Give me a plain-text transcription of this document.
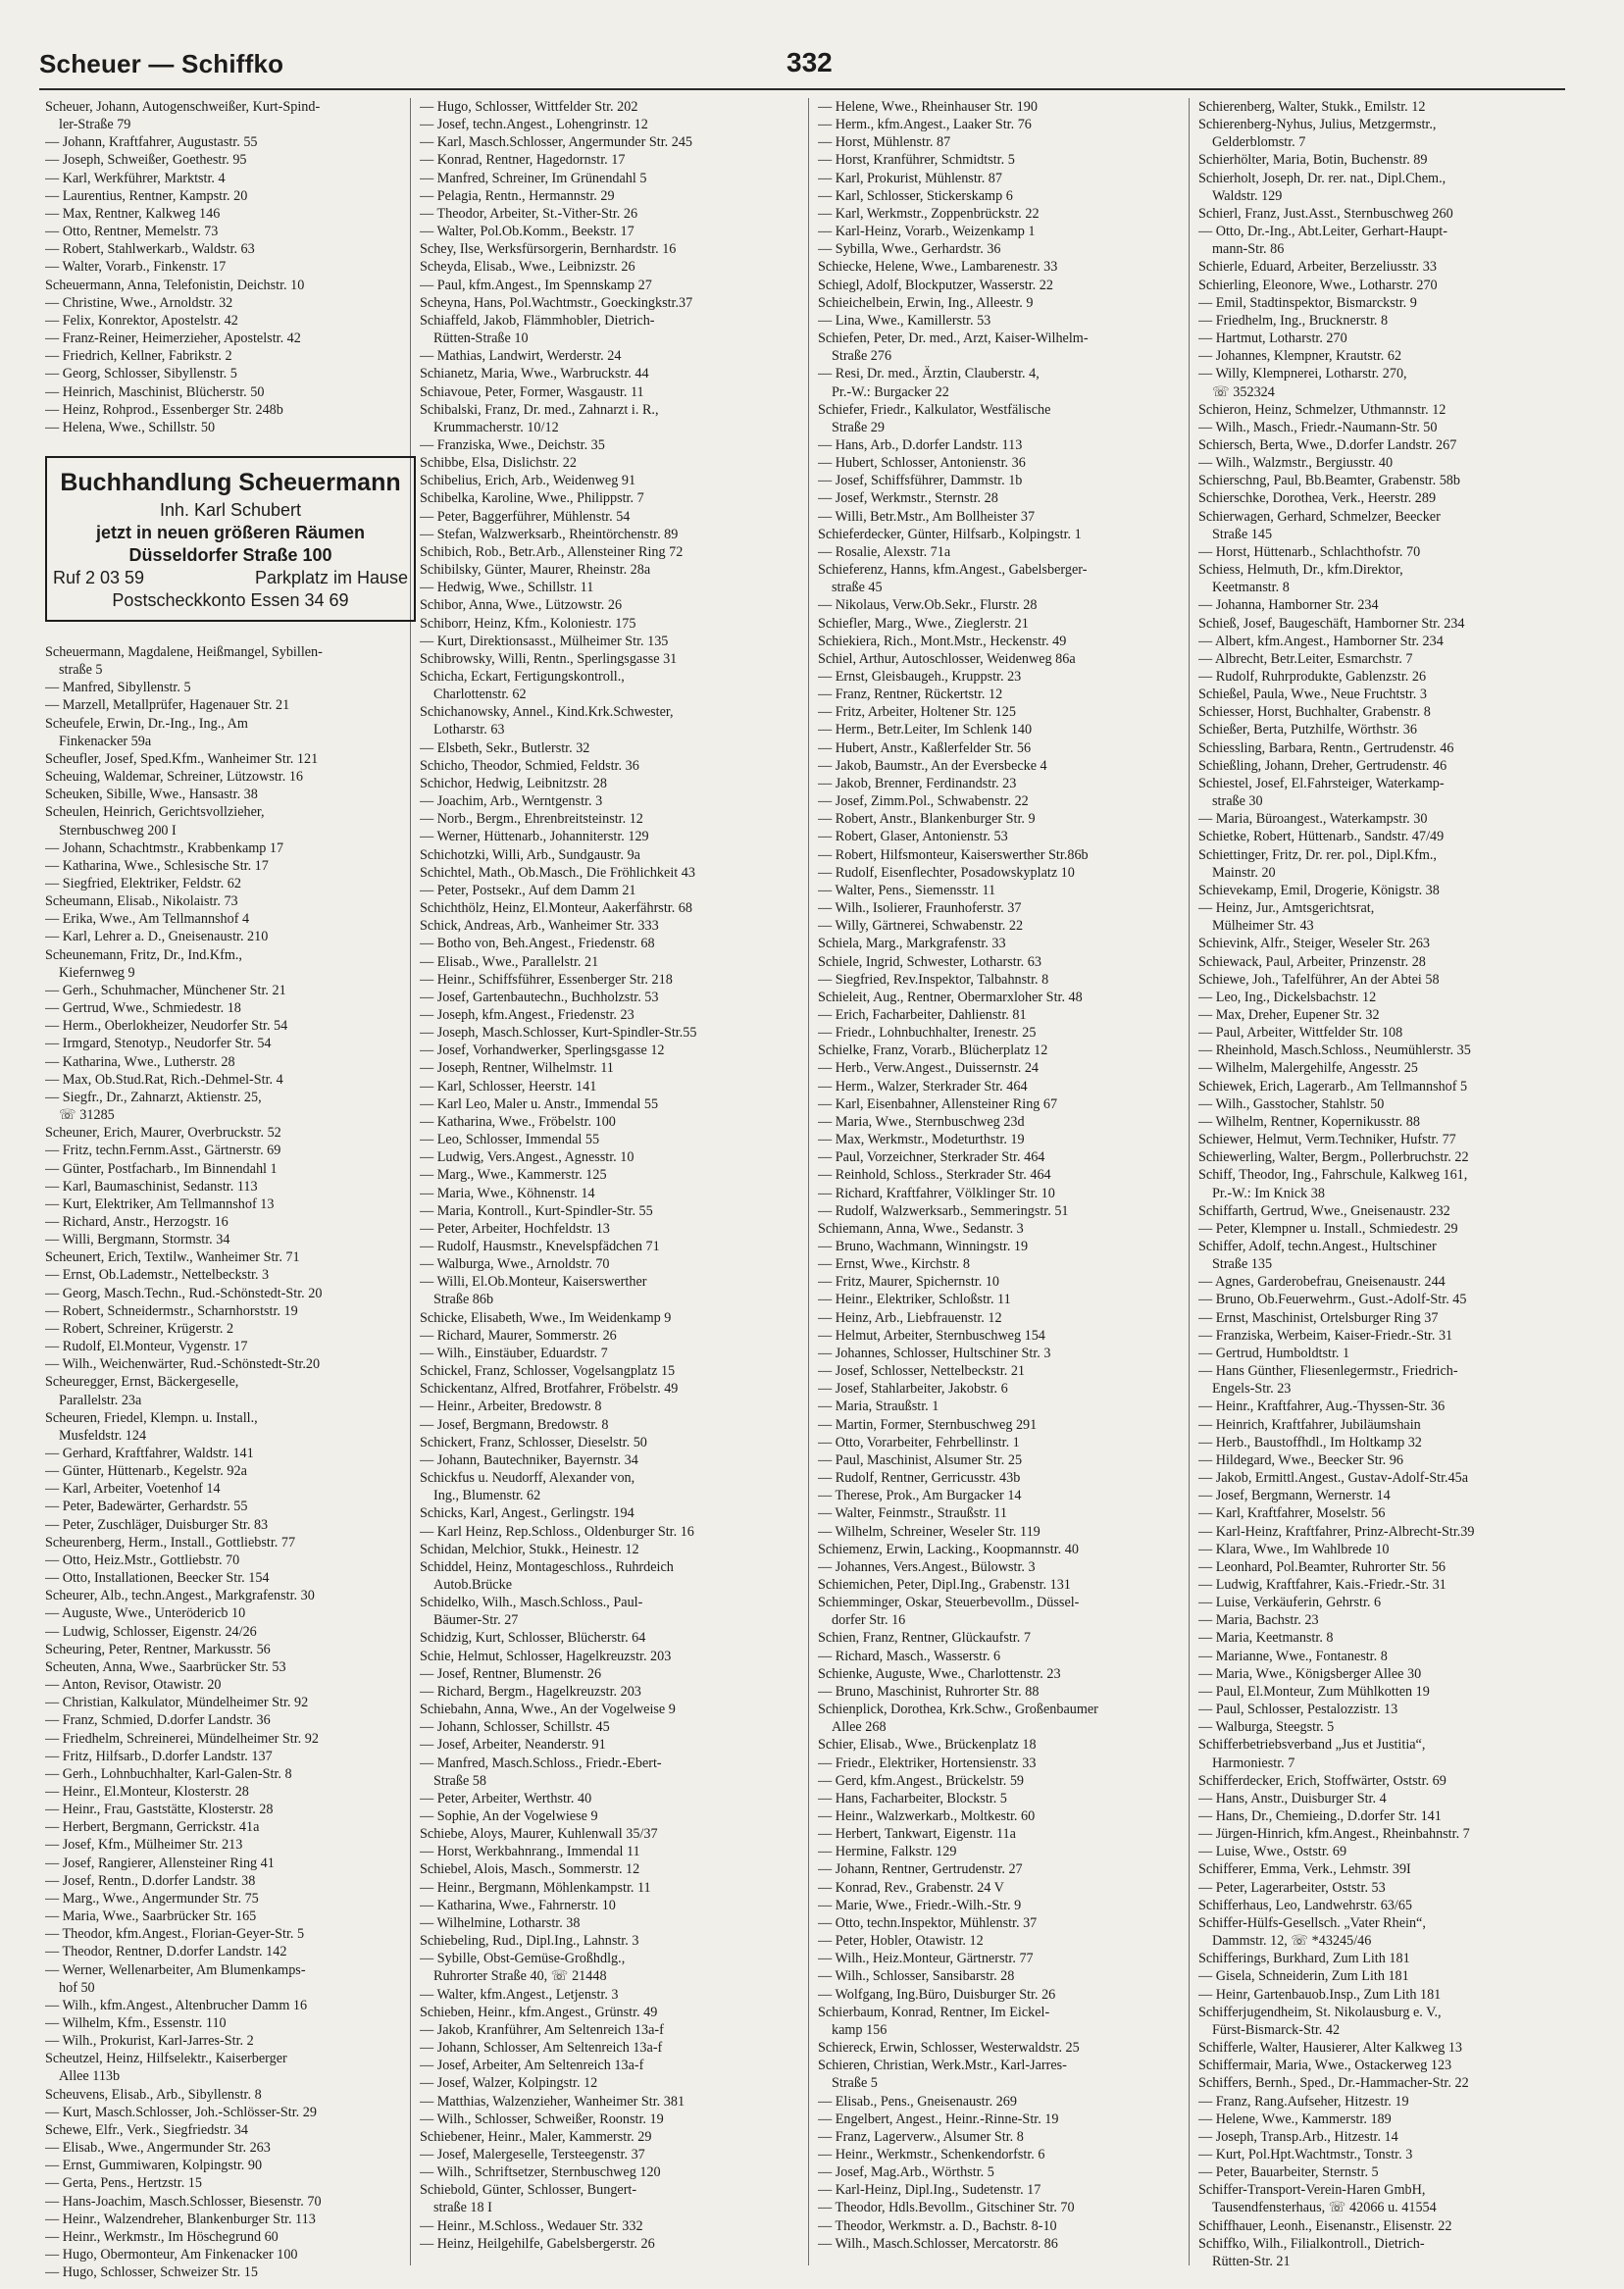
Scheuer — Schiffko	332
Scheuer, Johann, Autogenschweißer, Kurt-Spind-
ler-Straße 79
— Johann, Kraftfahrer, Augustastr. 55
— Joseph, Schweißer, Goethestr. 95
— Karl, Werkführer, Marktstr. 4
— Laurentius, Rentner, Kampstr. 20
— Max, Rentner, Kalkweg 146
— Otto, Rentner, Memelstr. 73
— Robert, Stahlwerkarb., Waldstr. 63
— Walter, Vorarb., Finkenstr. 17
Scheuermann, Anna, Telefonistin, Deichstr. 10
— Christine, Wwe., Arnoldstr. 32
— Felix, Konrektor, Apostelstr. 42
— Franz-Reiner, Heimerzieher, Apostelstr. 42
— Friedrich, Kellner, Fabrikstr. 2
— Georg, Schlosser, Sibyllenstr. 5
— Heinrich, Maschinist, Blücherstr. 50
— Heinz, Rohprod., Essenberger Str. 248b
— Helena, Wwe., Schillstr. 50
Buchhandlung Scheuermann
Inh. Karl Schubert
jetzt in neuen größeren Räumen
Düsseldorfer Straße 100
Ruf 2 03 59	Parkplatz im Hause
Postscheckkonto Essen 34 69
Scheuermann, Magdalene, Heißmangel, Sybillen-
straße 5
— Manfred, Sibyllenstr. 5
— Marzell, Metallprüfer, Hagenauer Str. 21
Scheufele, Erwin, Dr.-Ing., Ing., Am
Finkenacker 59a
Scheufler, Josef, Sped.Kfm., Wanheimer Str. 121
Scheuing, Waldemar, Schreiner, Lützowstr. 16
Scheuken, Sibille, Wwe., Hansastr. 38
Scheulen, Heinrich, Gerichtsvollzieher,
Sternbuschweg 200 I
— Johann, Schachtmstr., Krabbenkamp 17
— Katharina, Wwe., Schlesische Str. 17
— Siegfried, Elektriker, Feldstr. 62
Scheumann, Elisab., Nikolaistr. 73
— Erika, Wwe., Am Tellmannshof 4
— Karl, Lehrer a. D., Gneisenaustr. 210
Scheunemann, Fritz, Dr., Ind.Kfm.,
Kiefernweg 9
— Gerh., Schuhmacher, Münchener Str. 21
— Gertrud, Wwe., Schmiedestr. 18
— Herm., Oberlokheizer, Neudorfer Str. 54
— Irmgard, Stenotyp., Neudorfer Str. 54
— Katharina, Wwe., Lutherstr. 28
— Max, Ob.Stud.Rat, Rich.-Dehmel-Str. 4
— Siegfr., Dr., Zahnarzt, Aktienstr. 25,
☏ 31285
Scheuner, Erich, Maurer, Overbruckstr. 52
— Fritz, techn.Fernm.Asst., Gärtnerstr. 69
— Günter, Postfacharb., Im Binnendahl 1
— Karl, Baumaschinist, Sedanstr. 113
— Kurt, Elektriker, Am Tellmannshof 13
— Richard, Anstr., Herzogstr. 16
— Willi, Bergmann, Stormstr. 34
Scheunert, Erich, Textilw., Wanheimer Str. 71
— Ernst, Ob.Lademstr., Nettelbeckstr. 3
— Georg, Masch.Techn., Rud.-Schönstedt-Str. 20
— Robert, Schneidermstr., Scharnhorststr. 19
— Robert, Schreiner, Krügerstr. 2
— Rudolf, El.Monteur, Vygenstr. 17
— Wilh., Weichenwärter, Rud.-Schönstedt-Str.20
Scheuregger, Ernst, Bäckergeselle,
Parallelstr. 23a
Scheuren, Friedel, Klempn. u. Install.,
Musfeldstr. 124
— Gerhard, Kraftfahrer, Waldstr. 141
— Günter, Hüttenarb., Kegelstr. 92a
— Karl, Arbeiter, Voetenhof 14
— Peter, Badewärter, Gerhardstr. 55
— Peter, Zuschläger, Duisburger Str. 83
Scheurenberg, Herm., Install., Gottliebstr. 77
— Otto, Heiz.Mstr., Gottliebstr. 70
— Otto, Installationen, Beecker Str. 154
Scheurer, Alb., techn.Angest., Markgrafenstr. 30
— Auguste, Wwe., Unterödericb 10
— Ludwig, Schlosser, Eigenstr. 24/26
Scheuring, Peter, Rentner, Markusstr. 56
Scheuten, Anna, Wwe., Saarbrücker Str. 53
— Anton, Revisor, Otawistr. 20
— Christian, Kalkulator, Mündelheimer Str. 92
— Franz, Schmied, D.dorfer Landstr. 36
— Friedhelm, Schreinerei, Mündelheimer Str. 92
— Fritz, Hilfsarb., D.dorfer Landstr. 137
— Gerh., Lohnbuchhalter, Karl-Galen-Str. 8
— Heinr., El.Monteur, Klosterstr. 28
— Heinr., Frau, Gaststätte, Klosterstr. 28
— Herbert, Bergmann, Gerrickstr. 41a
— Josef, Kfm., Mülheimer Str. 213
— Josef, Rangierer, Allensteiner Ring 41
— Josef, Rentn., D.dorfer Landstr. 38
— Marg., Wwe., Angermunder Str. 75
— Maria, Wwe., Saarbrücker Str. 165
— Theodor, kfm.Angest., Florian-Geyer-Str. 5
— Theodor, Rentner, D.dorfer Landstr. 142
— Werner, Wellenarbeiter, Am Blumenkamps-
hof 50
— Wilh., kfm.Angest., Altenbrucher Damm 16
— Wilhelm, Kfm., Essenstr. 110
— Wilh., Prokurist, Karl-Jarres-Str. 2
Scheutzel, Heinz, Hilfselektr., Kaiserberger
Allee 113b
Scheuvens, Elisab., Arb., Sibyllenstr. 8
— Kurt, Masch.Schlosser, Joh.-Schlösser-Str. 29
Schewe, Elfr., Verk., Siegfriedstr. 34
— Elisab., Wwe., Angermunder Str. 263
— Ernst, Gummiwaren, Kolpingstr. 90
— Gerta, Pens., Hertzstr. 15
— Hans-Joachim, Masch.Schlosser, Biesenstr. 70
— Heinr., Walzendreher, Blankenburger Str. 113
— Heinr., Werkmstr., Im Höschegrund 60
— Hugo, Obermonteur, Am Finkenacker 100
— Hugo, Schlosser, Schweizer Str. 15
— Hugo, Schlosser, Wittfelder Str. 202
— Josef, techn.Angest., Lohengrinstr. 12
— Karl, Masch.Schlosser, Angermunder Str. 245
— Konrad, Rentner, Hagedornstr. 17
— Manfred, Schreiner, Im Grünendahl 5
— Pelagia, Rentn., Hermannstr. 29
— Theodor, Arbeiter, St.-Vither-Str. 26
— Walter, Pol.Ob.Komm., Beekstr. 17
Schey, Ilse, Werksfürsorgerin, Bernhardstr. 16
Scheyda, Elisab., Wwe., Leibnizstr. 26
— Paul, kfm.Angest., Im Spennskamp 27
Scheyna, Hans, Pol.Wachtmstr., Goeckingkstr.37
Schiaffeld, Jakob, Flämmhobler, Dietrich-
Rütten-Straße 10
— Mathias, Landwirt, Werderstr. 24
Schianetz, Maria, Wwe., Warbruckstr. 44
Schiavoue, Peter, Former, Wasgaustr. 11
Schibalski, Franz, Dr. med., Zahnarzt i. R.,
Krummacherstr. 10/12
— Franziska, Wwe., Deichstr. 35
Schibbe, Elsa, Dislichstr. 22
Schibelius, Erich, Arb., Weidenweg 91
Schibelka, Karoline, Wwe., Philippstr. 7
— Peter, Baggerführer, Mühlenstr. 54
— Stefan, Walzwerksarb., Rheintörchenstr. 89
Schibich, Rob., Betr.Arb., Allensteiner Ring 72
Schibilsky, Günter, Maurer, Rheinstr. 28a
— Hedwig, Wwe., Schillstr. 11
Schibor, Anna, Wwe., Lützowstr. 26
Schiborr, Heinz, Kfm., Koloniestr. 175
— Kurt, Direktionsasst., Mülheimer Str. 135
Schibrowsky, Willi, Rentn., Sperlingsgasse 31
Schicha, Eckart, Fertigungskontroll.,
Charlottenstr. 62
Schichanowsky, Annel., Kind.Krk.Schwester,
Lotharstr. 63
— Elsbeth, Sekr., Butlerstr. 32
Schicho, Theodor, Schmied, Feldstr. 36
Schichor, Hedwig, Leibnitzstr. 28
— Joachim, Arb., Werntgenstr. 3
— Norb., Bergm., Ehrenbreitsteinstr. 12
— Werner, Hüttenarb., Johanniterstr. 129
Schichotzki, Willi, Arb., Sundgaustr. 9a
Schichtel, Math., Ob.Masch., Die Fröhlichkeit 43
— Peter, Postsekr., Auf dem Damm 21
Schichthölz, Heinz, El.Monteur, Aakerfährstr. 68
Schick, Andreas, Arb., Wanheimer Str. 333
— Botho von, Beh.Angest., Friedenstr. 68
— Elisab., Wwe., Parallelstr. 21
— Heinr., Schiffsführer, Essenberger Str. 218
— Josef, Gartenbautechn., Buchholzstr. 53
— Joseph, kfm.Angest., Friedenstr. 23
— Joseph, Masch.Schlosser, Kurt-Spindler-Str.55
— Josef, Vorhandwerker, Sperlingsgasse 12
— Joseph, Rentner, Wilhelmstr. 11
— Karl, Schlosser, Heerstr. 141
— Karl Leo, Maler u. Anstr., Immendal 55
— Katharina, Wwe., Fröbelstr. 100
— Leo, Schlosser, Immendal 55
— Ludwig, Vers.Angest., Agnesstr. 10
— Marg., Wwe., Kammerstr. 125
— Maria, Wwe., Köhnenstr. 14
— Maria, Kontroll., Kurt-Spindler-Str. 55
— Peter, Arbeiter, Hochfeldstr. 13
— Rudolf, Hausmstr., Knevelspfädchen 71
— Walburga, Wwe., Arnoldstr. 70
— Willi, El.Ob.Monteur, Kaiserswerther
Straße 86b
Schicke, Elisabeth, Wwe., Im Weidenkamp 9
— Richard, Maurer, Sommerstr. 26
— Wilh., Einstäuber, Eduardstr. 7
Schickel, Franz, Schlosser, Vogelsangplatz 15
Schickentanz, Alfred, Brotfahrer, Fröbelstr. 49
— Heinr., Arbeiter, Bredowstr. 8
— Josef, Bergmann, Bredowstr. 8
Schickert, Franz, Schlosser, Dieselstr. 50
— Johann, Bautechniker, Bayernstr. 34
Schickfus u. Neudorff, Alexander von,
Ing., Blumenstr. 62
Schicks, Karl, Angest., Gerlingstr. 194
— Karl Heinz, Rep.Schloss., Oldenburger Str. 16
Schidan, Melchior, Stukk., Heinestr. 12
Schiddel, Heinz, Montageschloss., Ruhrdeich
Autob.Brücke
Schidelko, Wilh., Masch.Schloss., Paul-
Bäumer-Str. 27
Schidzig, Kurt, Schlosser, Blücherstr. 64
Schie, Helmut, Schlosser, Hagelkreuzstr. 203
— Josef, Rentner, Blumenstr. 26
— Richard, Bergm., Hagelkreuzstr. 203
Schiebahn, Anna, Wwe., An der Vogelweise 9
— Johann, Schlosser, Schillstr. 45
— Josef, Arbeiter, Neanderstr. 91
— Manfred, Masch.Schloss., Friedr.-Ebert-
Straße 58
— Peter, Arbeiter, Werthstr. 40
— Sophie, An der Vogelwiese 9
Schiebe, Aloys, Maurer, Kuhlenwall 35/37
— Horst, Werkbahnrang., Immendal 11
Schiebel, Alois, Masch., Sommerstr. 12
— Heinr., Bergmann, Möhlenkampstr. 11
— Katharina, Wwe., Fahrnerstr. 10
— Wilhelmine, Lotharstr. 38
Schiebeling, Rud., Dipl.Ing., Lahnstr. 3
— Sybille, Obst-Gemüse-Großhdlg.,
Ruhrorter Straße 40, ☏ 21448
— Walter, kfm.Angest., Letjenstr. 3
Schieben, Heinr., kfm.Angest., Grünstr. 49
— Jakob, Kranführer, Am Seltenreich 13a-f
— Johann, Schlosser, Am Seltenreich 13a-f
— Josef, Arbeiter, Am Seltenreich 13a-f
— Josef, Walzer, Kolpingstr. 12
— Matthias, Walzenzieher, Wanheimer Str. 381
— Wilh., Schlosser, Schweißer, Roonstr. 19
Schiebener, Heinr., Maler, Kammerstr. 29
— Josef, Malergeselle, Tersteegenstr. 37
— Wilh., Schriftsetzer, Sternbuschweg 120
Schiebold, Günter, Schlosser, Bungert-
straße 18 I
— Heinr., M.Schloss., Wedauer Str. 332
— Heinz, Heilgehilfe, Gabelsbergerstr. 26
— Helene, Wwe., Rheinhauser Str. 190
— Herm., kfm.Angest., Laaker Str. 76
— Horst, Mühlenstr. 87
— Horst, Kranführer, Schmidtstr. 5
— Karl, Prokurist, Mühlenstr. 87
— Karl, Schlosser, Stickerskamp 6
— Karl, Werkmstr., Zoppenbrückstr. 22
— Karl-Heinz, Vorarb., Weizenkamp 1
— Sybilla, Wwe., Gerhardstr. 36
Schiecke, Helene, Wwe., Lambarenestr. 33
Schiegl, Adolf, Blockputzer, Wasserstr. 22
Schieichelbein, Erwin, Ing., Alleestr. 9
— Lina, Wwe., Kamillerstr. 53
Schiefen, Peter, Dr. med., Arzt, Kaiser-Wilhelm-
Straße 276
— Resi, Dr. med., Ärztin, Clauberstr. 4,
Pr.-W.: Burgacker 22
Schiefer, Friedr., Kalkulator, Westfälische
Straße 29
— Hans, Arb., D.dorfer Landstr. 113
— Hubert, Schlosser, Antonienstr. 36
— Josef, Schiffsführer, Dammstr. 1b
— Josef, Werkmstr., Sternstr. 28
— Willi, Betr.Mstr., Am Bollheister 37
Schieferdecker, Günter, Hilfsarb., Kolpingstr. 1
— Rosalie, Alexstr. 71a
Schieferenz, Hanns, kfm.Angest., Gabelsberger-
straße 45
— Nikolaus, Verw.Ob.Sekr., Flurstr. 28
Schiefler, Marg., Wwe., Zieglerstr. 21
Schiekiera, Rich., Mont.Mstr., Heckenstr. 49
Schiel, Arthur, Autoschlosser, Weidenweg 86a
— Ernst, Gleisbaugeh., Kruppstr. 23
— Franz, Rentner, Rückertstr. 12
— Fritz, Arbeiter, Holtener Str. 125
— Herm., Betr.Leiter, Im Schlenk 140
— Hubert, Anstr., Kaßlerfelder Str. 56
— Jakob, Baumstr., An der Eversbecke 4
— Jakob, Brenner, Ferdinandstr. 23
— Josef, Zimm.Pol., Schwabenstr. 22
— Robert, Anstr., Blankenburger Str. 9
— Robert, Glaser, Antonienstr. 53
— Robert, Hilfsmonteur, Kaiserswerther Str.86b
— Rudolf, Eisenflechter, Posadowskyplatz 10
— Walter, Pens., Siemensstr. 11
— Wilh., Isolierer, Fraunhoferstr. 37
— Willy, Gärtnerei, Schwabenstr. 22
Schiela, Marg., Markgrafenstr. 33
Schiele, Ingrid, Schwester, Lotharstr. 63
— Siegfried, Rev.Inspektor, Talbahnstr. 8
Schieleit, Aug., Rentner, Obermarxloher Str. 48
— Erich, Facharbeiter, Dahlienstr. 81
— Friedr., Lohnbuchhalter, Irenestr. 25
Schielke, Franz, Vorarb., Blücherplatz 12
— Herb., Verw.Angest., Duissernstr. 24
— Herm., Walzer, Sterkrader Str. 464
— Karl, Eisenbahner, Allensteiner Ring 67
— Maria, Wwe., Sternbuschweg 23d
— Max, Werkmstr., Modeturthstr. 19
— Paul, Vorzeichner, Sterkrader Str. 464
— Reinhold, Schloss., Sterkrader Str. 464
— Richard, Kraftfahrer, Völklinger Str. 10
— Rudolf, Walzwerksarb., Semmeringstr. 51
Schiemann, Anna, Wwe., Sedanstr. 3
— Bruno, Wachmann, Winningstr. 19
— Ernst, Wwe., Kirchstr. 8
— Fritz, Maurer, Spichernstr. 10
— Heinr., Elektriker, Schloßstr. 11
— Heinz, Arb., Liebfrauenstr. 12
— Helmut, Arbeiter, Sternbuschweg 154
— Johannes, Schlosser, Hultschiner Str. 3
— Josef, Schlosser, Nettelbeckstr. 21
— Josef, Stahlarbeiter, Jakobstr. 6
— Maria, Straußstr. 1
— Martin, Former, Sternbuschweg 291
— Otto, Vorarbeiter, Fehrbellinstr. 1
— Paul, Maschinist, Alsumer Str. 25
— Rudolf, Rentner, Gerricusstr. 43b
— Therese, Prok., Am Burgacker 14
— Walter, Feinmstr., Straußstr. 11
— Wilhelm, Schreiner, Weseler Str. 119
Schiemenz, Erwin, Lacking., Koopmannstr. 40
— Johannes, Vers.Angest., Bülowstr. 3
Schiemichen, Peter, Dipl.Ing., Grabenstr. 131
Schiemminger, Oskar, Steuerbevollm., Düssel-
dorfer Str. 16
Schien, Franz, Rentner, Glückaufstr. 7
— Richard, Masch., Wasserstr. 6
Schienke, Auguste, Wwe., Charlottenstr. 23
— Bruno, Maschinist, Ruhrorter Str. 88
Schienplick, Dorothea, Krk.Schw., Großenbaumer
Allee 268
Schier, Elisab., Wwe., Brückenplatz 18
— Friedr., Elektriker, Hortensienstr. 33
— Gerd, kfm.Angest., Brückelstr. 59
— Hans, Facharbeiter, Blockstr. 5
— Heinr., Walzwerkarb., Moltkestr. 60
— Herbert, Tankwart, Eigenstr. 11a
— Hermine, Falkstr. 129
— Johann, Rentner, Gertrudenstr. 27
— Konrad, Rev., Grabenstr. 24 V
— Marie, Wwe., Friedr.-Wilh.-Str. 9
— Otto, techn.Inspektor, Mühlenstr. 37
— Peter, Hobler, Otawistr. 12
— Wilh., Heiz.Monteur, Gärtnerstr. 77
— Wilh., Schlosser, Sansibarstr. 28
— Wolfgang, Ing.Büro, Duisburger Str. 26
Schierbaum, Konrad, Rentner, Im Eickel-
kamp 156
Schiereck, Erwin, Schlosser, Westerwaldstr. 25
Schieren, Christian, Werk.Mstr., Karl-Jarres-
Straße 5
— Elisab., Pens., Gneisenaustr. 269
— Engelbert, Angest., Heinr.-Rinne-Str. 19
— Franz, Lagerverw., Alsumer Str. 8
— Heinr., Werkmstr., Schenkendorfstr. 6
— Josef, Mag.Arb., Wörthstr. 5
— Karl-Heinz, Dipl.Ing., Sudetenstr. 17
— Theodor, Hdls.Bevollm., Gitschiner Str. 70
— Theodor, Werkmstr. a. D., Bachstr. 8-10
— Wilh., Masch.Schlosser, Mercatorstr. 86
Schierenberg, Walter, Stukk., Emilstr. 12
Schierenberg-Nyhus, Julius, Metzgermstr.,
Gelderblomstr. 7
Schierhölter, Maria, Botin, Buchenstr. 89
Schierholt, Joseph, Dr. rer. nat., Dipl.Chem.,
Waldstr. 129
Schierl, Franz, Just.Asst., Sternbuschweg 260
— Otto, Dr.-Ing., Abt.Leiter, Gerhart-Haupt-
mann-Str. 86
Schierle, Eduard, Arbeiter, Berzeliusstr. 33
Schierling, Eleonore, Wwe., Lotharstr. 270
— Emil, Stadtinspektor, Bismarckstr. 9
— Friedhelm, Ing., Brucknerstr. 8
— Hartmut, Lotharstr. 270
— Johannes, Klempner, Krautstr. 62
— Willy, Klempnerei, Lotharstr. 270,
☏ 352324
Schieron, Heinz, Schmelzer, Uthmannstr. 12
— Wilh., Masch., Friedr.-Naumann-Str. 50
Schiersch, Berta, Wwe., D.dorfer Landstr. 267
— Wilh., Walzmstr., Bergiusstr. 40
Schierschng, Paul, Bb.Beamter, Grabenstr. 58b
Schierschke, Dorothea, Verk., Heerstr. 289
Schierwagen, Gerhard, Schmelzer, Beecker
Straße 145
— Horst, Hüttenarb., Schlachthofstr. 70
Schiess, Helmuth, Dr., kfm.Direktor,
Keetmanstr. 8
— Johanna, Hamborner Str. 234
Schieß, Josef, Baugeschäft, Hamborner Str. 234
— Albert, kfm.Angest., Hamborner Str. 234
— Albrecht, Betr.Leiter, Esmarchstr. 7
— Rudolf, Ruhrprodukte, Gablenzstr. 26
Schießel, Paula, Wwe., Neue Fruchtstr. 3
Schiesser, Horst, Buchhalter, Grabenstr. 8
Schießer, Berta, Putzhilfe, Wörthstr. 36
Schiessling, Barbara, Rentn., Gertrudenstr. 46
Schießling, Johann, Dreher, Gertrudenstr. 46
Schiestel, Josef, El.Fahrsteiger, Waterkamp-
straße 30
— Maria, Büroangest., Waterkampstr. 30
Schietke, Robert, Hüttenarb., Sandstr. 47/49
Schiettinger, Fritz, Dr. rer. pol., Dipl.Kfm.,
Mainstr. 20
Schievekamp, Emil, Drogerie, Königstr. 38
— Heinz, Jur., Amtsgerichtsrat,
Mülheimer Str. 43
Schievink, Alfr., Steiger, Weseler Str. 263
Schiewack, Paul, Arbeiter, Prinzenstr. 28
Schiewe, Joh., Tafelführer, An der Abtei 58
— Leo, Ing., Dickelsbachstr. 12
— Max, Dreher, Eupener Str. 32
— Paul, Arbeiter, Wittfelder Str. 108
— Rheinhold, Masch.Schloss., Neumühlerstr. 35
— Wilhelm, Malergehilfe, Angesstr. 25
Schiewek, Erich, Lagerarb., Am Tellmannshof 5
— Wilh., Gasstocher, Stahlstr. 50
— Wilhelm, Rentner, Kopernikusstr. 88
Schiewer, Helmut, Verm.Techniker, Hufstr. 77
Schiewerling, Walter, Bergm., Pollerbruchstr. 22
Schiff, Theodor, Ing., Fahrschule, Kalkweg 161,
Pr.-W.: Im Knick 38
Schiffarth, Gertrud, Wwe., Gneisenaustr. 232
— Peter, Klempner u. Install., Schmiedestr. 29
Schiffer, Adolf, techn.Angest., Hultschiner
Straße 135
— Agnes, Garderobefrau, Gneisenaustr. 244
— Bruno, Ob.Feuerwehrm., Gust.-Adolf-Str. 45
— Ernst, Maschinist, Ortelsburger Ring 37
— Franziska, Werbeim, Kaiser-Friedr.-Str. 31
— Gertrud, Humboldtstr. 1
— Hans Günther, Fliesenlegermstr., Friedrich-
Engels-Str. 23
— Heinr., Kraftfahrer, Aug.-Thyssen-Str. 36
— Heinrich, Kraftfahrer, Jubiläumshain
— Herb., Baustoffhdl., Im Holtkamp 32
— Hildegard, Wwe., Beecker Str. 96
— Jakob, Ermittl.Angest., Gustav-Adolf-Str.45a
— Josef, Bergmann, Wernerstr. 14
— Karl, Kraftfahrer, Moselstr. 56
— Karl-Heinz, Kraftfahrer, Prinz-Albrecht-Str.39
— Klara, Wwe., Im Wahlbrede 10
— Leonhard, Pol.Beamter, Ruhrorter Str. 56
— Ludwig, Kraftfahrer, Kais.-Friedr.-Str. 31
— Luise, Verkäuferin, Gehrstr. 6
— Maria, Bachstr. 23
— Maria, Keetmanstr. 8
— Marianne, Wwe., Fontanestr. 8
— Maria, Wwe., Königsberger Allee 30
— Paul, El.Monteur, Zum Mühlkotten 19
— Paul, Schlosser, Pestalozzistr. 13
— Walburga, Steegstr. 5
Schifferbetriebsverband „Jus et Justitia“,
Harmoniestr. 7
Schifferdecker, Erich, Stoffwärter, Oststr. 69
— Hans, Anstr., Duisburger Str. 4
— Hans, Dr., Chemieing., D.dorfer Str. 141
— Jürgen-Hinrich, kfm.Angest., Rheinbahnstr. 7
— Luise, Wwe., Oststr. 69
Schifferer, Emma, Verk., Lehmstr. 39I
— Peter, Lagerarbeiter, Oststr. 53
Schifferhaus, Leo, Landwehrstr. 63/65
Schiffer-Hülfs-Gesellsch. „Vater Rhein“,
Dammstr. 12, ☏ *43245/46
Schifferings, Burkhard, Zum Lith 181
— Gisela, Schneiderin, Zum Lith 181
— Heinr, Gartenbauob.Insp., Zum Lith 181
Schifferjugendheim, St. Nikolausburg e. V.,
Fürst-Bismarck-Str. 42
Schifferle, Walter, Hausierer, Alter Kalkweg 13
Schiffermair, Maria, Wwe., Ostackerweg 123
Schiffers, Bernh., Sped., Dr.-Hammacher-Str. 22
— Franz, Rang.Aufseher, Hitzestr. 19
— Helene, Wwe., Kammerstr. 189
— Joseph, Transp.Arb., Hitzestr. 14
— Kurt, Pol.Hpt.Wachtmstr., Tonstr. 3
— Peter, Bauarbeiter, Sternstr. 5
Schiffer-Transport-Verein-Haren GmbH,
Tausendfensterhaus, ☏ 42066 u. 41554
Schiffhauer, Leonh., Eisenanstr., Elisenstr. 22
Schiffko, Wilh., Filialkontroll., Dietrich-
Rütten-Str. 21
